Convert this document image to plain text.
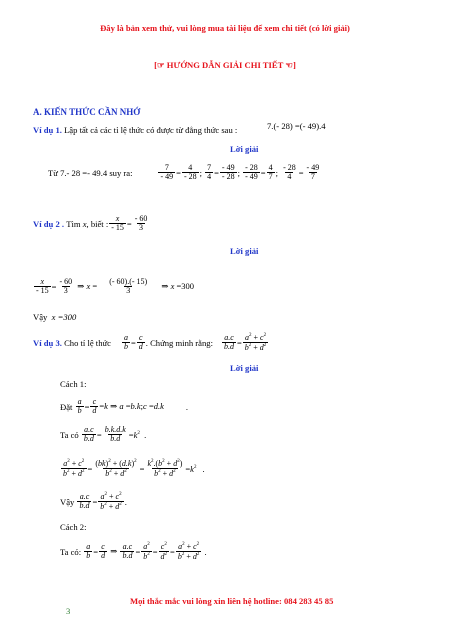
Đây là bản xem thử, vui lòng mua tài liệu để xem chi tiết (có lời giải)
[☞ HƯỚNG DẪN GIẢI CHI TIẾT ☜]
A. KIẾN THỨC CẦN NHỚ
Ví dụ 1. Lập tất cả các tỉ lệ thức có được từ đẳng thức sau :	7.(- 28) =(- 49).4
Lời giải
Từ
7.- 28 =- 49.4
suy ra:	$\frac{7}{- 49} = \frac{4}{- 28}$ ; $\frac{7}{4} = \frac{- 49}{- 28}$ ; $\frac{- 28}{- 49} = \frac{4}{7}$ ; $\frac{- 28}{4} = \frac{- 49}{7}$
Ví dụ 2 .
Tìm
x , biết : $\frac{x}{- 15} = \frac{- 60}{3}$
Lời giải
$\frac{x}{- 15} = \frac{- 60}{3}$ ⇒ $x = \frac{(- 60).(- 15)}{3}$ ⇒ x =300
Vậy x =300
Ví dụ 3.
Cho tỉ lệ thức $\frac{a}{b} = \frac{c}{d}$ . Chứng minh rằng: $\frac{a.c}{b.d} = \frac{a^2 + c^2}{b^2 + d^2}$
Lời giải
Cách 1:
Đặt
$\frac{a}{b} = \frac{c}{d} =k$ ⇒ a =b.k;c =d.k	.
Ta có
$\frac{a.c}{b.d} = \frac{b.k.d.k}{b.d} =k^2$  .
$\frac{a^2 + c^2}{b^2 + d^2} = \frac{(bk)^2 + (d.k)^2}{b^2 + d^2} = \frac{k^2.(b^2 + d^2)}{b^2 + d^2} =k^2$ .
Vậy
$\frac{a.c}{b.d} = \frac{a^2 + c^2}{b^2 + d^2}$ .
Cách 2:
Ta có:
$\frac{a}{b} = \frac{c}{d}$ ⇒ $\frac{a.c}{b.d} = \frac{a^2}{b^2} = \frac{c^2}{d^2} = \frac{a^2 + c^2}{b^2 + d^2}$ .
Mọi thắc mắc vui lòng xin liên hệ hotline: 084 283 45 85
3
